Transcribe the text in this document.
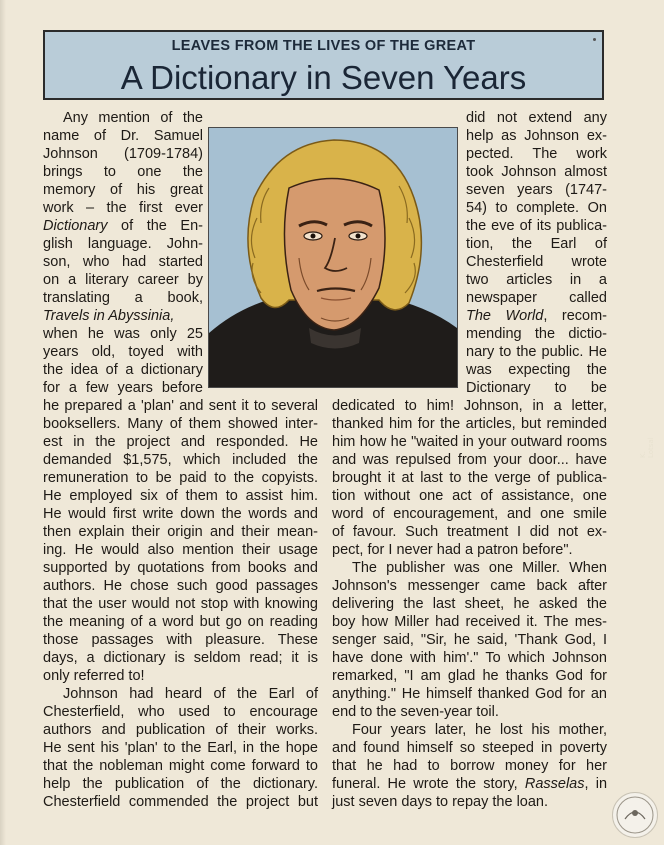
LEAVES FROM THE LIVES OF THE GREAT
A Dictionary in Seven Years
K. Lotsal
Any mention of the
name of Dr. Samuel
Johnson (1709-1784)
brings to one the
memory of his great
work – the first ever
Dictionary of the En-
glish language. John-
son, who had started
on a literary career by
translating a book,
Travels in Abyssinia,
when he was only 25
years old, toyed with
the idea of a dictionary
for a few years before
did not extend any
help as Johnson ex-
pected. The work
took Johnson almost
seven years (1747-
54) to complete. On
the eve of its publica-
tion, the Earl of
Chesterfield wrote
two articles in a
newspaper called
The World, recom-
mending the dictio-
nary to the public. He
was expecting the
Dictionary to be
he prepared a 'plan' and sent it to several
booksellers. Many of them showed inter-
est in the project and responded. He
demanded $1,575, which included the
remuneration to be paid to the copyists.
He employed six of them to assist him.
He would first write down the words and
then explain their origin and their mean-
ing. He would also mention their usage
supported by quotations from books and
authors. He chose such good passages
that the user would not stop with knowing
the meaning of a word but go on reading
those passages with pleasure. These
days, a dictionary is seldom read; it is
only referred to!
Johnson had heard of the Earl of
Chesterfield, who used to encourage
authors and publication of their works.
He sent his 'plan' to the Earl, in the hope
that the nobleman might come forward to
help the publication of the dictionary.
Chesterfield commended the project but
dedicated to him! Johnson, in a letter,
thanked him for the articles, but reminded
him how he "waited in your outward rooms
and was repulsed from your door... have
brought it at last to the verge of publica-
tion without one act of assistance, one
word of encouragement, and one smile
of favour. Such treatment I did not ex-
pect, for I never had a patron before".
The publisher was one Miller. When
Johnson's messenger came back after
delivering the last sheet, he asked the
boy how Miller had received it. The mes-
senger said, "Sir, he said, 'Thank God, I
have done with him'." To which Johnson
remarked, "I am glad he thanks God for
anything." He himself thanked God for an
end to the seven-year toil.
Four years later, he lost his mother,
and found himself so steeped in poverty
that he had to borrow money for her
funeral. He wrote the story, Rasselas, in
just seven days to repay the loan.
